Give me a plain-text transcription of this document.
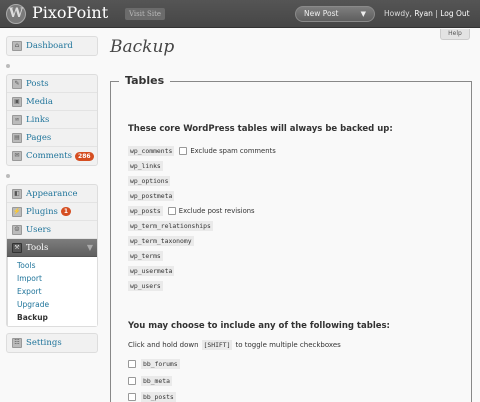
W PixoPoint	Visit Site	New Post	▼ Howdy, Ryan | Log Out
Help
⌂ Dashboard
✎ Posts
▣ Media
∞ Links
▤ Pages
✉ Comments	286
◧ Appearance
⚡ Plugins	1
☺ Users
⚒ Tools	▼
Tools
Import
Export
Upgrade
Backup
☷ Settings
Backup
Tables
These core WordPress tables will always be backed up:
wp_comments	Exclude spam comments
wp_links
wp_options
wp_postmeta
wp_posts	Exclude post revisions
wp_term_relationships
wp_term_taxonomy
wp_terms
wp_usermeta
wp_users
You may choose to include any of the following tables:
Click and hold down [SHIFT] to toggle multiple checkboxes
bb_forums
bb_meta
bb_posts
